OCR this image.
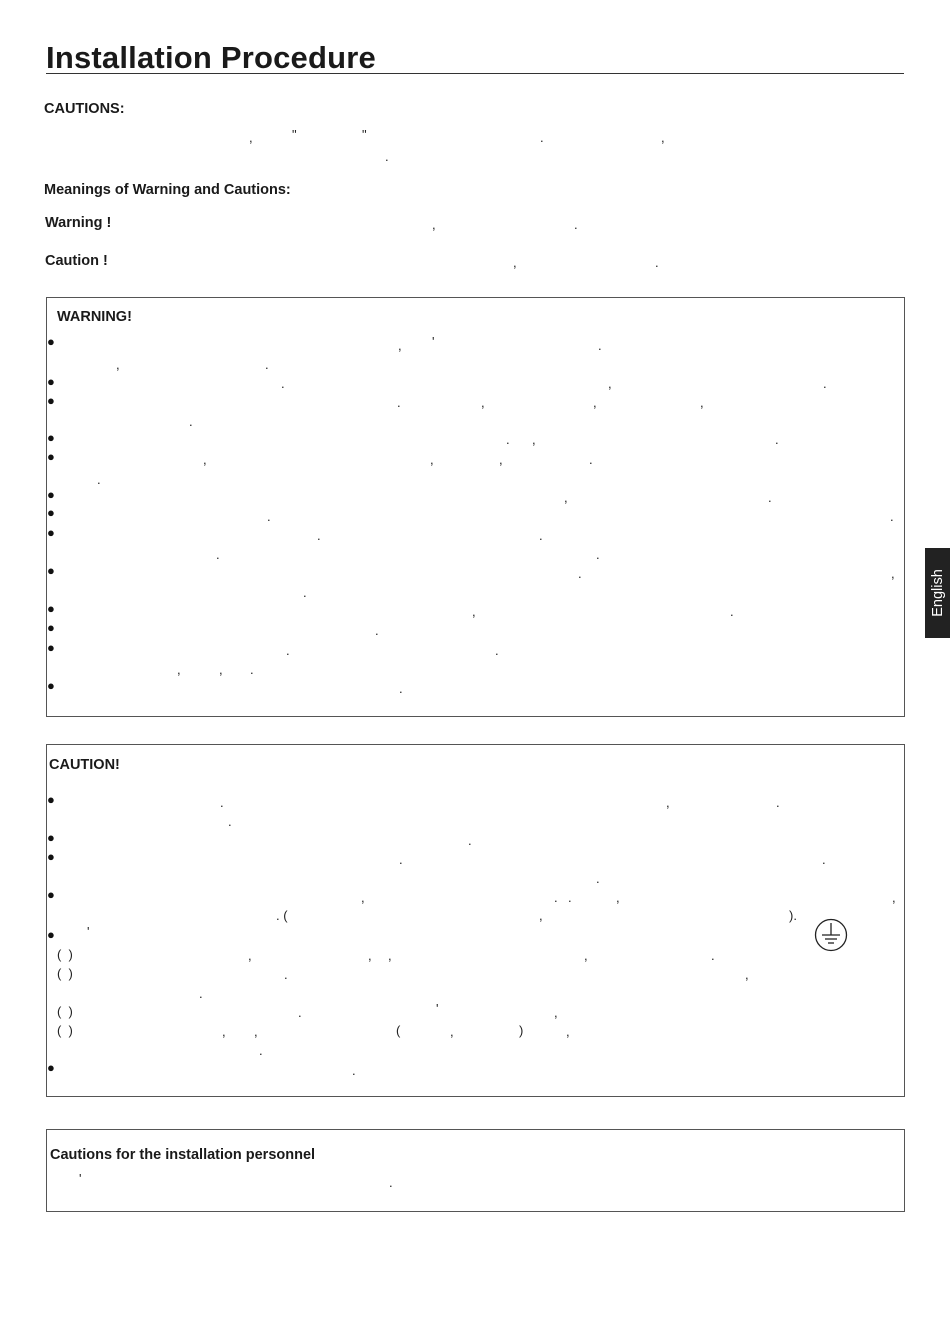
Installation Procedure
CAUTIONS:
,	"	"	.	,
.
Meanings of Warning and Cautions:
Warning !	,	.
Caution !	,	.
WARNING!
●
●
●
●
●
●
●
●
●
●
●
●
●
, '	.
,	.
.	,	.
.	,	,	,
.
. ,	.
,	,	,	.
.
,	.
.	.
.	.
.	.
.	,
.
,	.
.
.	.
,	, .
.
CAUTION!
●
●
●
●
●
●
.	,	.
.
.
.	.
.
,	. .	,	,
. (	,	).
'
(  )	,	, ,	,	.
(  )	.	,
.
(  )	.	'	,
(  )	, ,	(	,	)	,
.
.
Cautions for the installation personnel
'	.
English
